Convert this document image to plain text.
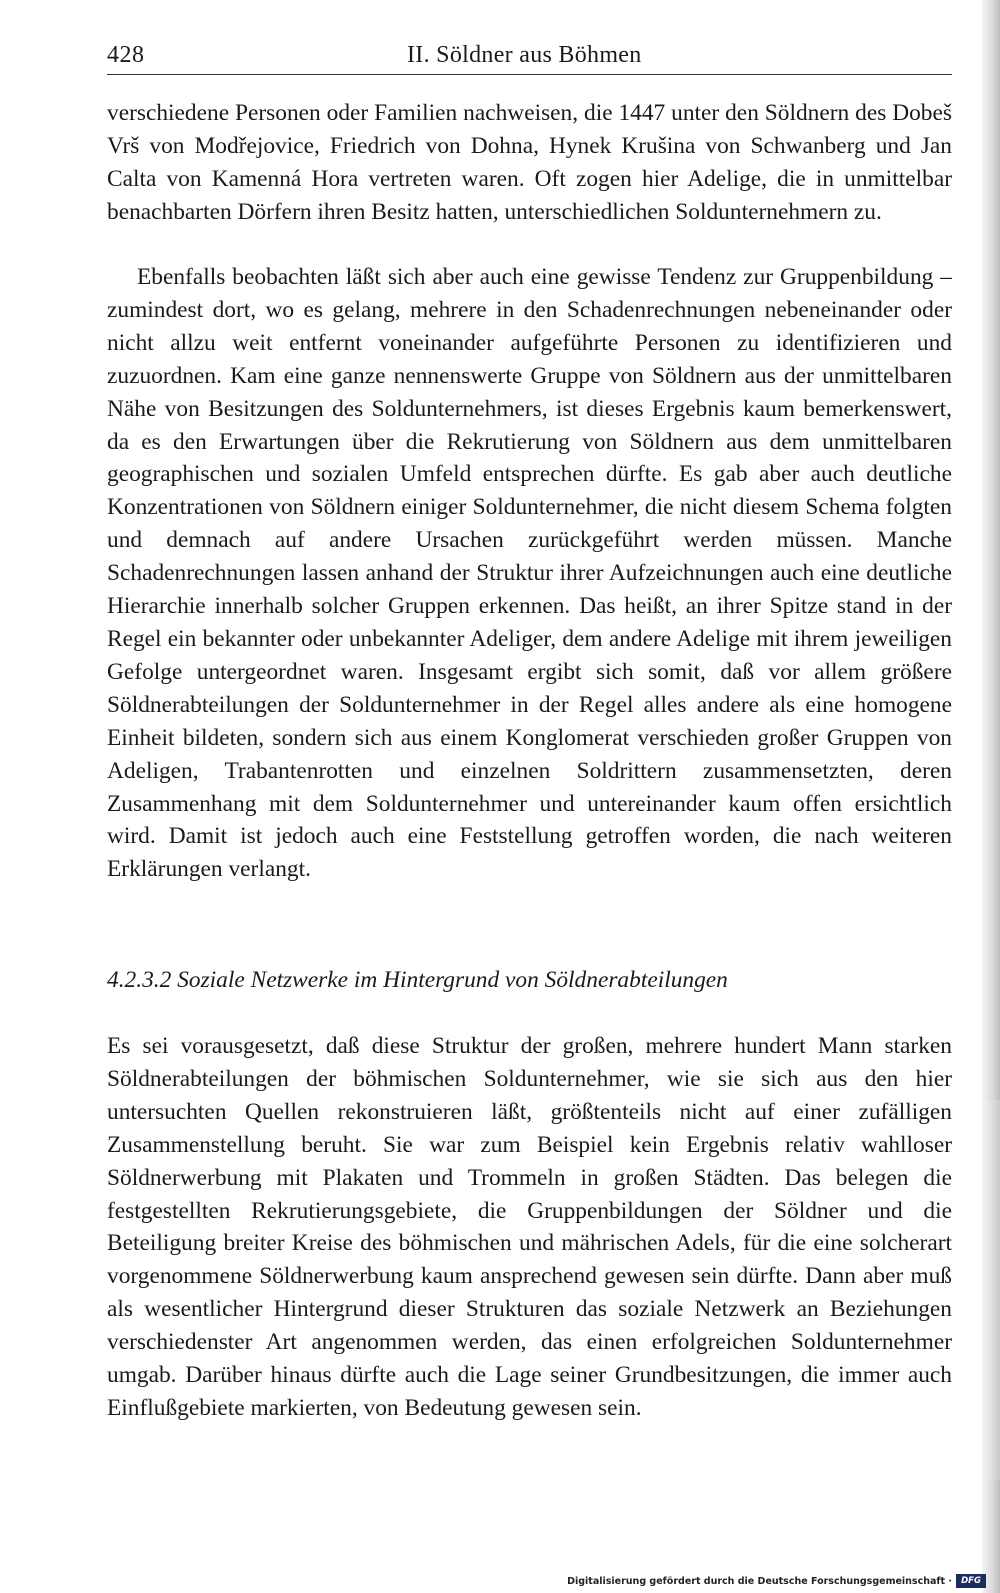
428	II. Söldner aus Böhmen

verschiedene Personen oder Familien nachweisen, die 1447 unter den Söldnern des Dobeš Vrš von Modřejovice, Friedrich von Dohna, Hynek Krušina von Schwanberg und Jan Calta von Kamenná Hora vertreten waren. Oft zogen hier Adelige, die in unmittelbar benachbarten Dörfern ihren Besitz hatten, unterschiedlichen Soldunternehmern zu.

Ebenfalls beobachten läßt sich aber auch eine gewisse Tendenz zur Gruppenbildung – zumindest dort, wo es gelang, mehrere in den Schadenrechnungen nebeneinander oder nicht allzu weit entfernt voneinander aufgeführte Personen zu identifizieren und zuzuordnen. Kam eine ganze nennenswerte Gruppe von Söldnern aus der unmittelbaren Nähe von Besitzungen des Soldunternehmers, ist dieses Ergebnis kaum bemerkenswert, da es den Erwartungen über die Rekrutierung von Söldnern aus dem unmittelbaren geographischen und sozialen Umfeld entsprechen dürfte. Es gab aber auch deutliche Konzentrationen von Söldnern einiger Soldunternehmer, die nicht diesem Schema folgten und demnach auf andere Ursachen zurückgeführt werden müssen. Manche Schadenrechnungen lassen anhand der Struktur ihrer Aufzeichnungen auch eine deutliche Hierarchie innerhalb solcher Gruppen erkennen. Das heißt, an ihrer Spitze stand in der Regel ein bekannter oder unbekannter Adeliger, dem andere Adelige mit ihrem jeweiligen Gefolge untergeordnet waren. Insgesamt ergibt sich somit, daß vor allem größere Söldnerabteilungen der Soldunternehmer in der Regel alles andere als eine homogene Einheit bildeten, sondern sich aus einem Konglomerat verschieden großer Gruppen von Adeligen, Trabantenrotten und einzelnen Soldrittern zusammensetzten, deren Zusammenhang mit dem Soldunternehmer und untereinander kaum offen ersichtlich wird. Damit ist jedoch auch eine Feststellung getroffen worden, die nach weiteren Erklärungen verlangt.

4.2.3.2 Soziale Netzwerke im Hintergrund von Söldnerabteilungen

Es sei vorausgesetzt, daß diese Struktur der großen, mehrere hundert Mann starken Söldnerabteilungen der böhmischen Soldunternehmer, wie sie sich aus den hier untersuchten Quellen rekonstruieren läßt, größtenteils nicht auf einer zufälligen Zusammenstellung beruht. Sie war zum Beispiel kein Ergebnis relativ wahlloser Söldnerwerbung mit Plakaten und Trommeln in großen Städten. Das belegen die festgestellten Rekrutierungsgebiete, die Gruppenbildungen der Söldner und die Beteiligung breiter Kreise des böhmischen und mährischen Adels, für die eine solcherart vorgenommene Söldnerwerbung kaum ansprechend gewesen sein dürfte. Dann aber muß als wesentlicher Hintergrund dieser Strukturen das soziale Netzwerk an Beziehungen verschiedenster Art angenommen werden, das einen erfolgreichen Soldunternehmer umgab. Darüber hinaus dürfte auch die Lage seiner Grundbesitzungen, die immer auch Einflußgebiete markierten, von Bedeutung gewesen sein.

Digitalisierung gefördert durch die Deutsche Forschungsgemeinschaft ·	DFG
